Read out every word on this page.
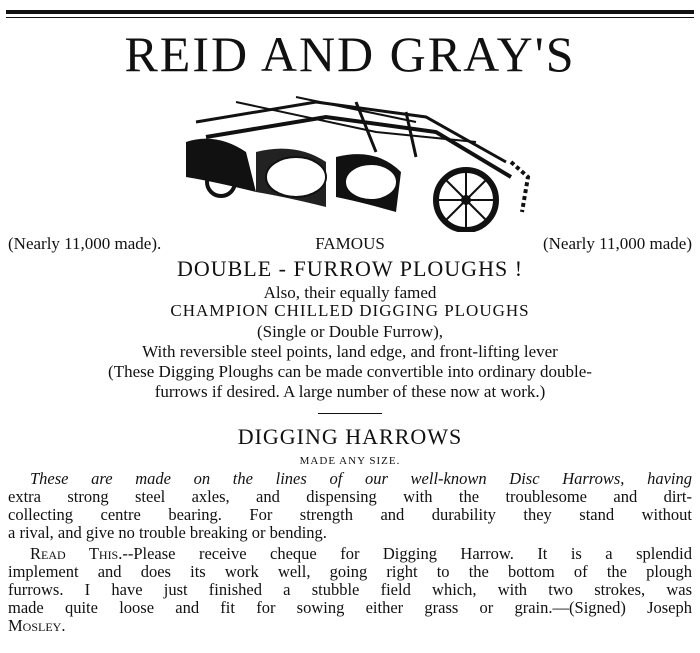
REID AND GRAY'S
(Nearly 11,000 made).	FAMOUS	(Nearly 11,000 made)
DOUBLE - FURROW PLOUGHS !
Also, their equally famed
CHAMPION CHILLED DIGGING PLOUGHS
(Single or Double Furrow),
With reversible steel points, land edge, and front-lifting lever
(These Digging Ploughs can be made convertible into ordinary double-
furrows if desired. A large number of these now at work.)
DIGGING HARROWS
MADE ANY SIZE.
These are made on the lines of our well-known Disc Harrows, having
extra strong steel axles, and dispensing with the troublesome and dirt-
collecting centre bearing. For strength and durability they stand without
a rival, and give no trouble breaking or bending.
Read This.--Please receive cheque for Digging Harrow. It is a splendid
implement and does its work well, going right to the bottom of the plough
furrows. I have just finished a stubble field which, with two strokes, was
made quite loose and fit for sowing either grass or grain.—(Signed) Joseph
Mosley.
